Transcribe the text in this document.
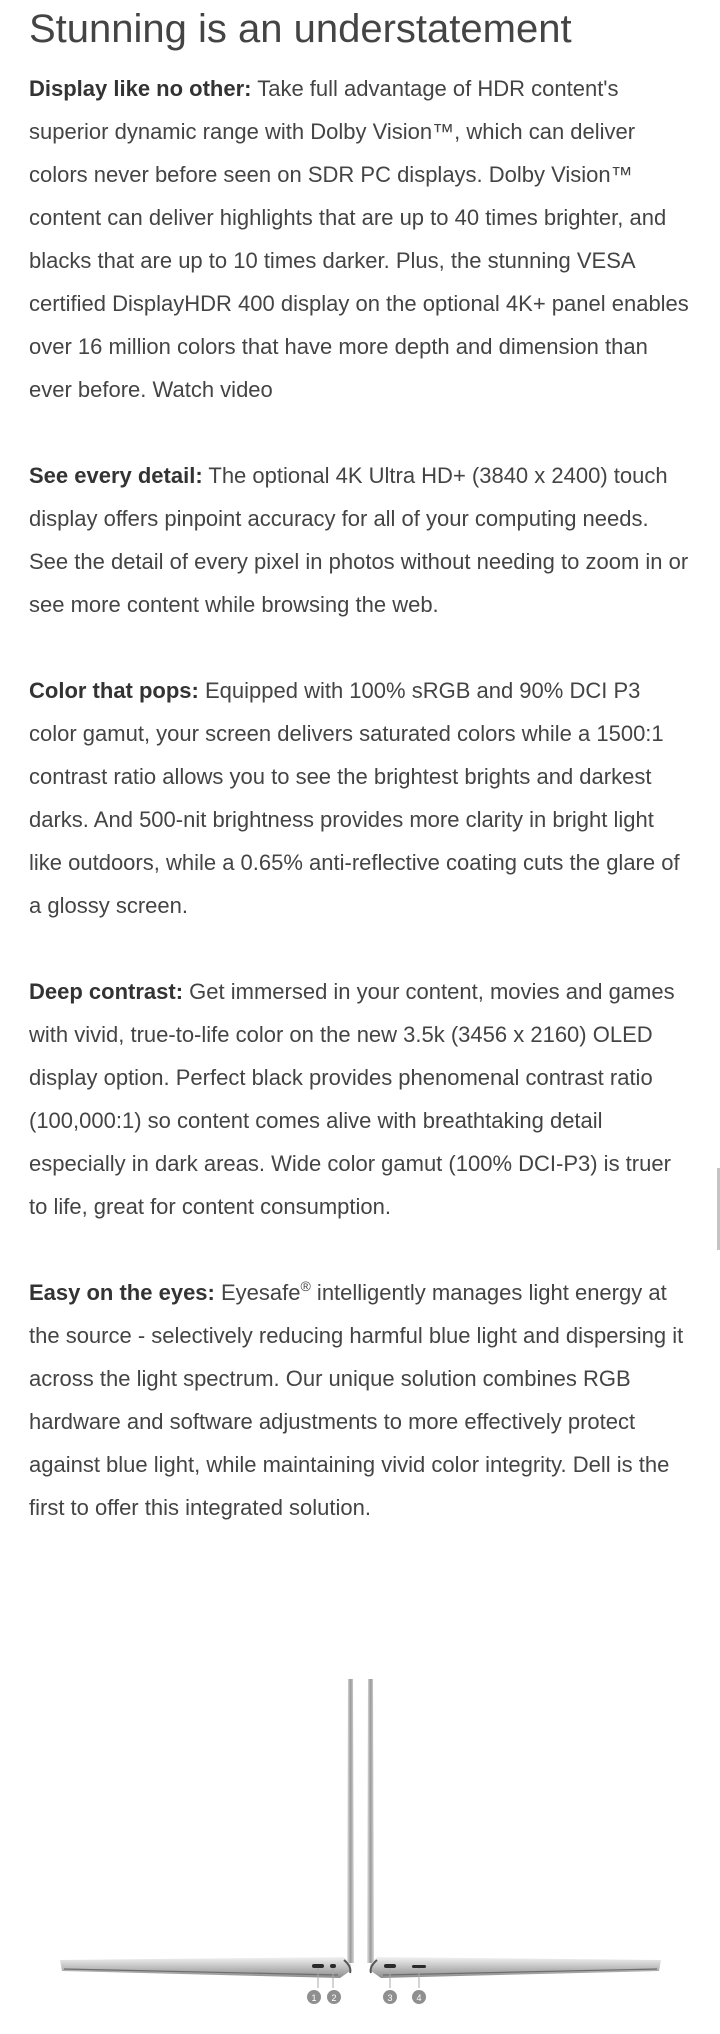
Stunning is an understatement

Display like no other: Take full advantage of HDR content's superior dynamic range with Dolby Vision™, which can deliver colors never before seen on SDR PC displays. Dolby Vision™ content can deliver highlights that are up to 40 times brighter, and blacks that are up to 10 times darker. Plus, the stunning VESA certified DisplayHDR 400 display on the optional 4K+ panel enables over 16 million colors that have more depth and dimension than ever before. Watch video

See every detail: The optional 4K Ultra HD+ (3840 x 2400) touch display offers pinpoint accuracy for all of your computing needs. See the detail of every pixel in photos without needing to zoom in or see more content while browsing the web.

Color that pops: Equipped with 100% sRGB and 90% DCI P3 color gamut, your screen delivers saturated colors while a 1500:1 contrast ratio allows you to see the brightest brights and darkest darks. And 500-nit brightness provides more clarity in bright light like outdoors, while a 0.65% anti-reflective coating cuts the glare of a glossy screen.

Deep contrast: Get immersed in your content, movies and games with vivid, true-to-life color on the new 3.5k (3456 x 2160) OLED display option. Perfect black provides phenomenal contrast ratio (100,000:1) so content comes alive with breathtaking detail especially in dark areas. Wide color gamut (100% DCI-P3) is truer to life, great for content consumption.

Easy on the eyes: Eyesafe® intelligently manages light energy at the source - selectively reducing harmful blue light and dispersing it across the light spectrum. Our unique solution combines RGB hardware and software adjustments to more effectively protect against blue light, while maintaining vivid color integrity. Dell is the first to offer this integrated solution.

1 2	3	4
